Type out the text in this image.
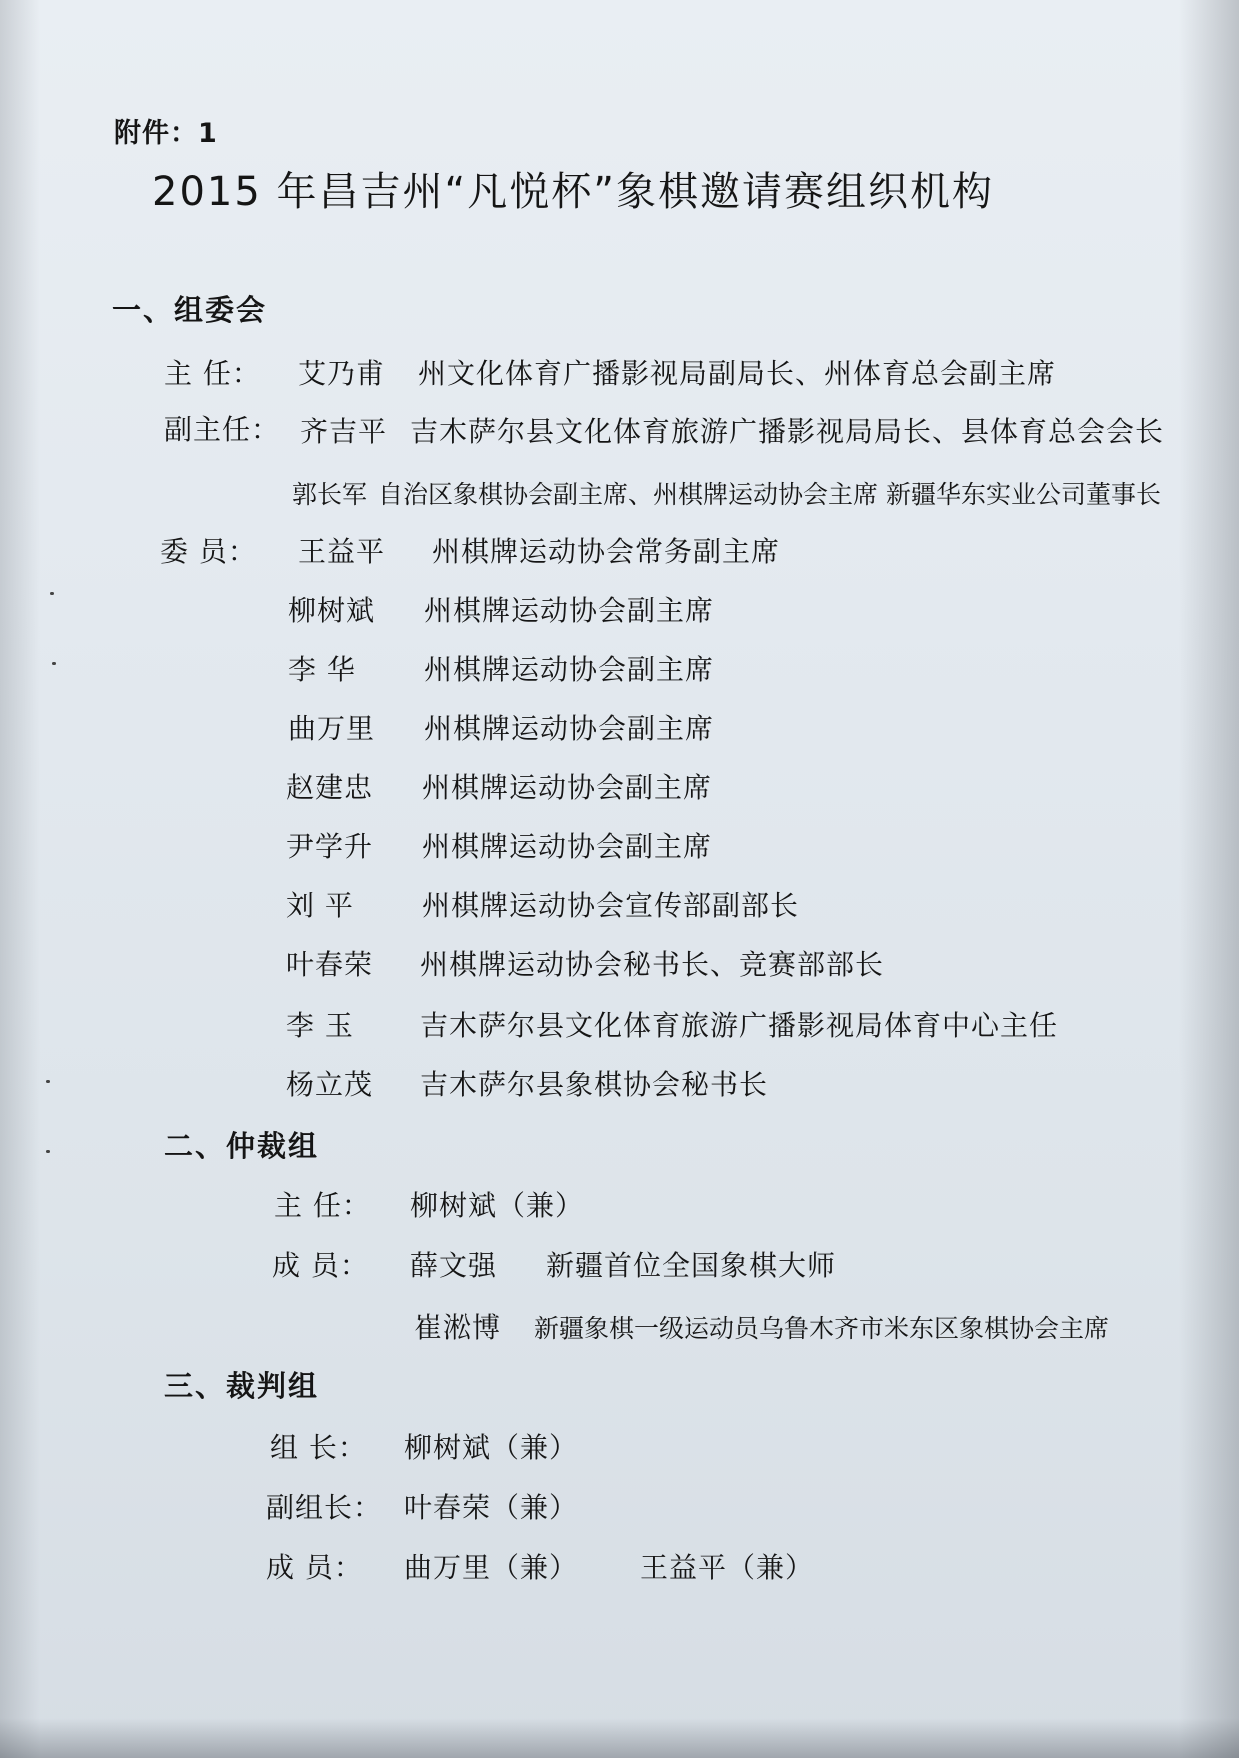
附件：1
2015 年昌吉州“凡悦杯”象棋邀请赛组织机构
一、组委会
主 任： 艾乃甫 州文化体育广播影视局副局长、州体育总会副主席
副主任： 齐吉平 吉木萨尔县文化体育旅游广播影视局局长、县体育总会会长
郭长军 自治区象棋协会副主席、州棋牌运动协会主席 新疆华东实业公司董事长
委 员： 王益平 州棋牌运动协会常务副主席
柳树斌 州棋牌运动协会副主席
李 华 州棋牌运动协会副主席
曲万里 州棋牌运动协会副主席
赵建忠 州棋牌运动协会副主席
尹学升 州棋牌运动协会副主席
刘 平 州棋牌运动协会宣传部副部长
叶春荣 州棋牌运动协会秘书长、竞赛部部长
李 玉 吉木萨尔县文化体育旅游广播影视局体育中心主任
杨立茂 吉木萨尔县象棋协会秘书长
二、仲裁组
主 任： 柳树斌（兼）
成 员： 薛文强 新疆首位全国象棋大师
崔淞博 新疆象棋一级运动员乌鲁木齐市米东区象棋协会主席
三、裁判组
组 长： 柳树斌（兼）
副组长： 叶春荣（兼）
成 员： 曲万里（兼） 王益平（兼）
